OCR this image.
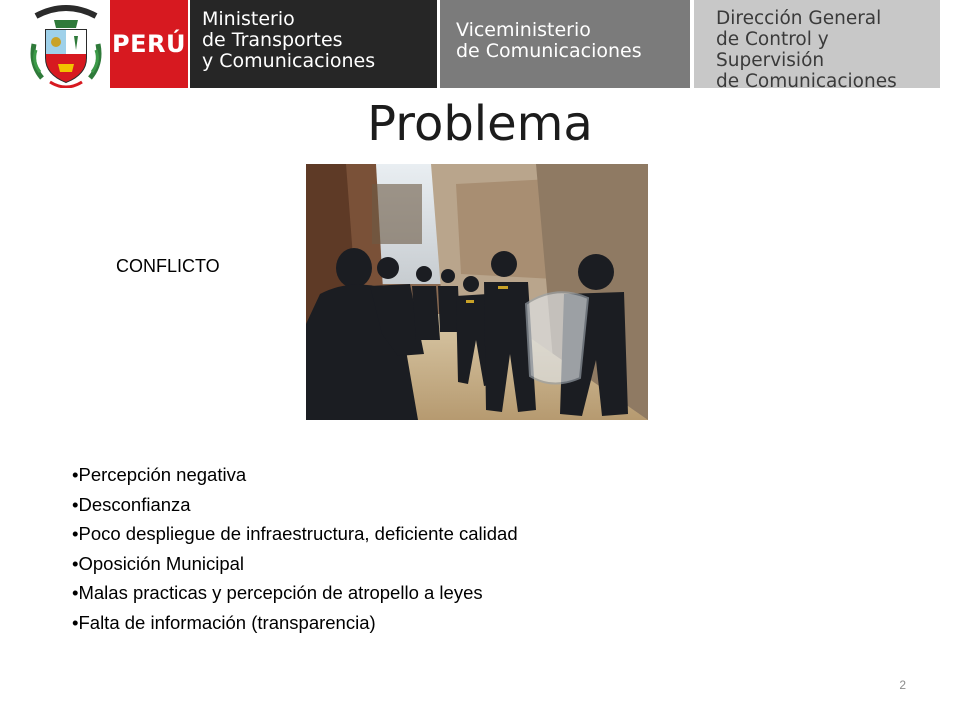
PERÚ
Ministerio
de Transportes
y Comunicaciones
Viceministerio
de Comunicaciones
Dirección General
de Control y Supervisión
de Comunicaciones
Problema
CONFLICTO
•Percepción negativa
•Desconfianza
•Poco despliegue de infraestructura, deficiente calidad
•Oposición Municipal
•Malas practicas y percepción de atropello a leyes
•Falta de información (transparencia)
2
